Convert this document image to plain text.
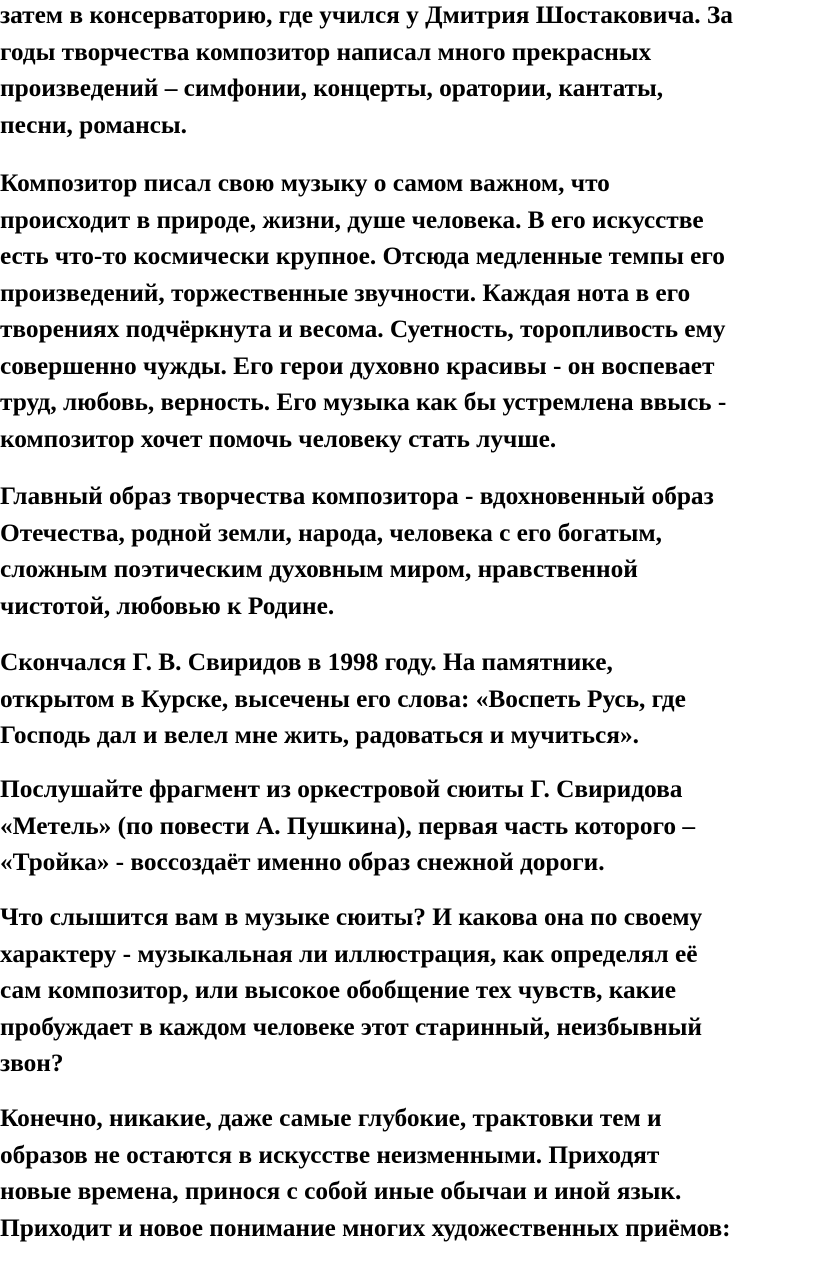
затем в консерваторию, где учился у Дмитрия Шостаковича. За
годы творчества композитор написал много прекрасных
произведений – симфонии, концерты, оратории, кантаты,
песни, романсы.
Композитор писал свою музыку о самом важном, что
происходит в природе, жизни, душе человека. В его искусстве
есть что-то космически крупное. Отсюда медленные темпы его
произведений, торжественные звучности. Каждая нота в его
творениях подчёркнута и весома. Суетность, торопливость ему
совершенно чужды. Его герои духовно красивы - он воспевает
труд, любовь, верность. Его музыка как бы устремлена ввысь -
композитор хочет помочь человеку стать лучше.
Главный образ творчества композитора - вдохновенный образ
Отечества, родной земли, народа, человека с его богатым,
сложным поэтическим духовным миром, нравственной
чистотой, любовью к Родине.
Скончался Г. В. Свиридов в 1998 году. На памятнике,
открытом в Курске, высечены его слова: «Воспеть Русь, где
Господь дал и велел мне жить, радоваться и мучиться».
Послушайте фрагмент из оркестровой сюиты Г. Свиридова
«Метель» (по повести А. Пушкина), первая часть которого –
«Тройка» - воссоздаёт именно образ снежной дороги.
Что слышится вам в музыке сюиты? И какова она по своему
характеру - музыкальная ли иллюстрация, как определял её
сам композитор, или высокое обобщение тех чувств, какие
пробуждает в каждом человеке этот старинный, неизбывный
звон?
Конечно, никакие, даже самые глубокие, трактовки тем и
образов не остаются в искусстве неизменными. Приходят
новые времена, принося с собой иные обычаи и иной язык.
Приходит и новое понимание многих художественных приёмов:
